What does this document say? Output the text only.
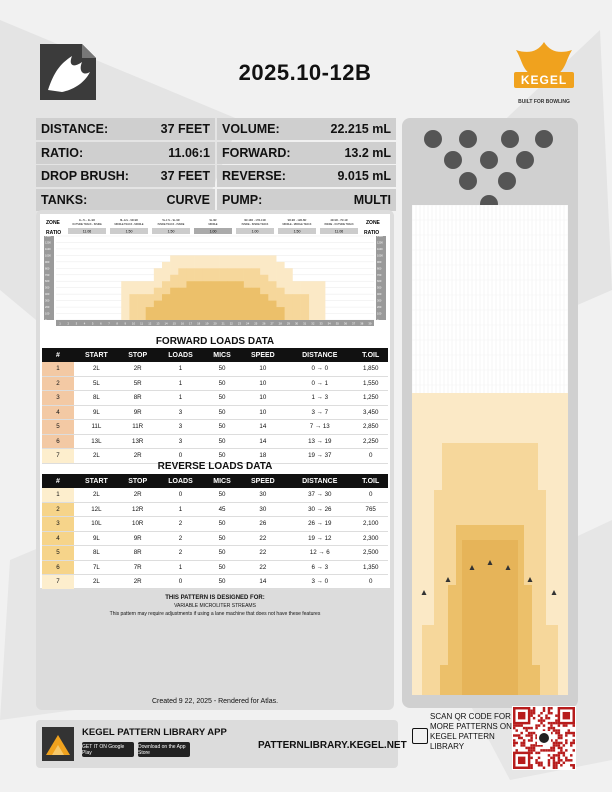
2025.10-12B	KEGEL
BUILT FOR BOWLING
DISTANCE:	37 FEET VOLUME:	22.215 mL
RATIO:	11.06:1 FORWARD:	13.2 mL
DROP BRUSH:	37 FEET REVERSE:	9.015 mL
TANKS:	CURVE PUMP:	MULTI
ZONE
RATIO
ZONE
RATIO
1L-7L - 4L-9R
OUTSIDE TRACK - INSIDE
11.06
8L-12L - 9R-9R
MIDDLE TRACK - MIDDLE
1.50
5L-17L - 9L-9R
INSIDE TRACK - INSIDE
1.50
9L-9R
MIDDLE
1.00
9R-16R - 17R-13R
INSIDE - INSIDE TRACK
1.00
9R-9R - 12R-8R
MIDDLE - MIDDLE TRACK
1.50
4R-9R - 7R-1R
INSIDE - OUTSIDE TRACK
11.06
1300	1300
1200	1200
1100	1100
1000	1000
900	900
800	800
700	700
600	600
500	500
400	400
300	300
200	200
100	100
0	0
1 2 3 4 5 6 7 8 9 10 11 12 13 14 15 16 17 18 19 20 21 22 23 24 25 26 27 28 29 30 31 32 33 34 35 36 37 38 39
FORWARD LOADS DATA
#	START	STOP	LOADS	MICS	SPEED	DISTANCE	T.OIL
1	2L	2R	1	50	10	0 → 0	1,850
2	5L	5R	1	50	10	0 → 1	1,550
3	8L	8R	1	50	10	1 → 3	1,250
4	9L	9R	3	50	10	3 → 7	3,450
5	11L	11R	3	50	14	7 → 13	2,850
6	13L	13R	3	50	14	13 → 19	2,250
7	2L	2R	0	50	18	19 → 37	0
REVERSE LOADS DATA
#	START	STOP	LOADS	MICS	SPEED	DISTANCE	T.OIL
1	2L	2R	0	50	30	37 → 30	0
2	12L	12R	1	45	30	30 → 26	765
3	10L	10R	2	50	26	26 → 19	2,100
4	9L	9R	2	50	22	19 → 12	2,300
5	8L	8R	2	50	22	12 → 6	2,500
6	7L	7R	1	50	22	6 → 3	1,350
7	2L	2R	0	50	14	3 → 0	0
THIS PATTERN IS DESIGNED FOR:
VARIABLE MICROLITER STREAMS
This pattern may require adjustments if using a lane machine that does not have these features
Created 9 22, 2025 - Rendered for Atlas.
KEGEL PATTERN LIBRARY APP
GET IT ON Google Play
Download on the App Store
PATTERNLIBRARY.KEGEL.NET
SCAN QR CODE FOR MORE PATTERNS ON KEGEL PATTERN LIBRARY
